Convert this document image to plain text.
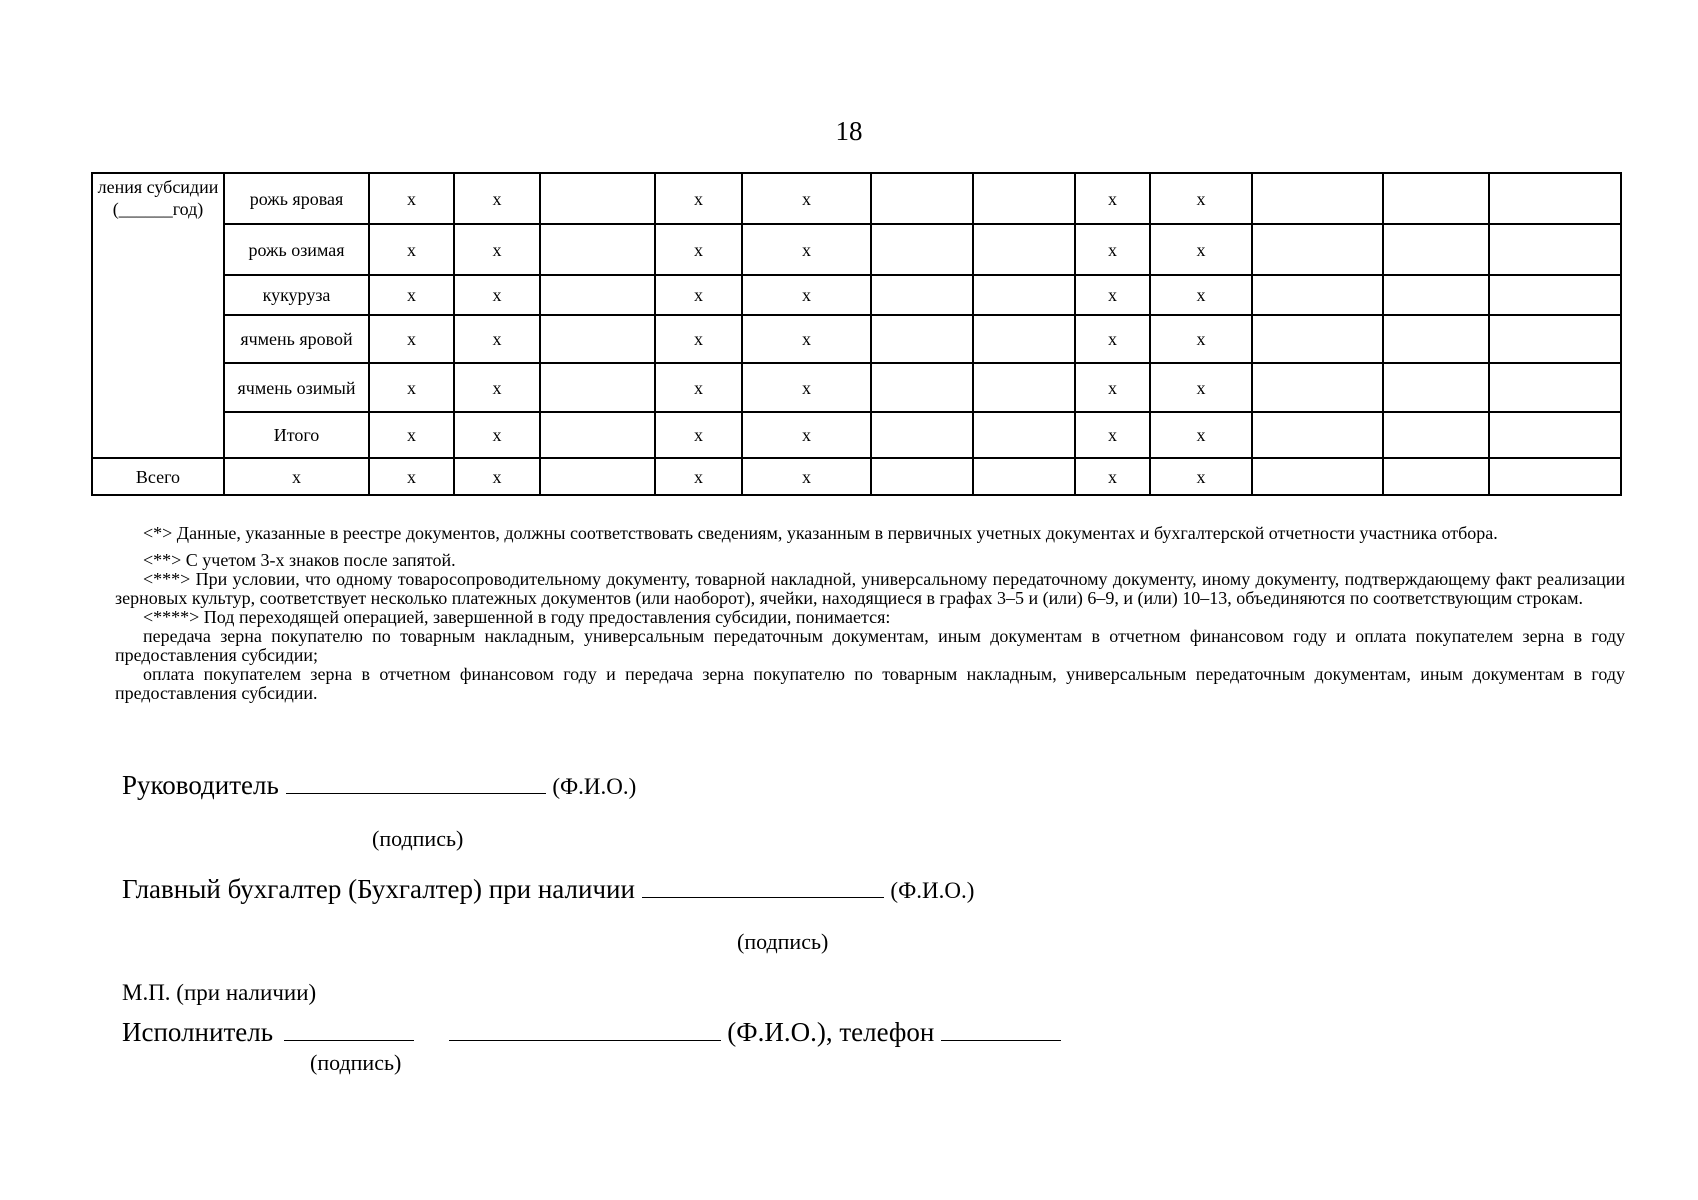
18
ления субсидии (______год)	рожь яровая	х	х		х	х			х	х			
	рожь озимая	х	х		х	х			х	х			
	кукуруза	х	х		х	х			х	х			
	ячмень яровой	х	х		х	х			х	х			
	ячмень озимый	х	х		х	х			х	х			
	Итого	х	х		х	х			х	х			
Всего	х	х	х		х	х			х	х			

<*> Данные, указанные в реестре документов, должны соответствовать сведениям, указанным в первичных учетных документах и бухгалтерской отчетности участника отбора.

<**> С учетом 3-х знаков после запятой.

<***> При условии, что одному товаросопроводительному документу, товарной накладной, универсальному передаточному документу, иному документу, подтверждающему факт реализации зерновых культур, соответствует несколько платежных документов (или наоборот), ячейки, находящиеся в графах 3–5 и (или) 6–9, и (или) 10–13, объединяются по соответствующим строкам.

<****> Под переходящей операцией, завершенной в году предоставления субсидии, понимается:

передача зерна покупателю по товарным накладным, универсальным передаточным документам, иным документам в отчетном финансовом году и оплата покупателем зерна в году предоставления субсидии;

оплата покупателем зерна в отчетном финансовом году и передача зерна покупателю по товарным накладным, универсальным передаточным документам, иным документам в году предоставления субсидии.

Руководитель	(Ф.И.О.)
(подпись)
Главный бухгалтер (Бухгалтер) при наличии	(Ф.И.О.)
(подпись)
М.П. (при наличии)
Исполнитель	(Ф.И.О.), телефон
(подпись)
